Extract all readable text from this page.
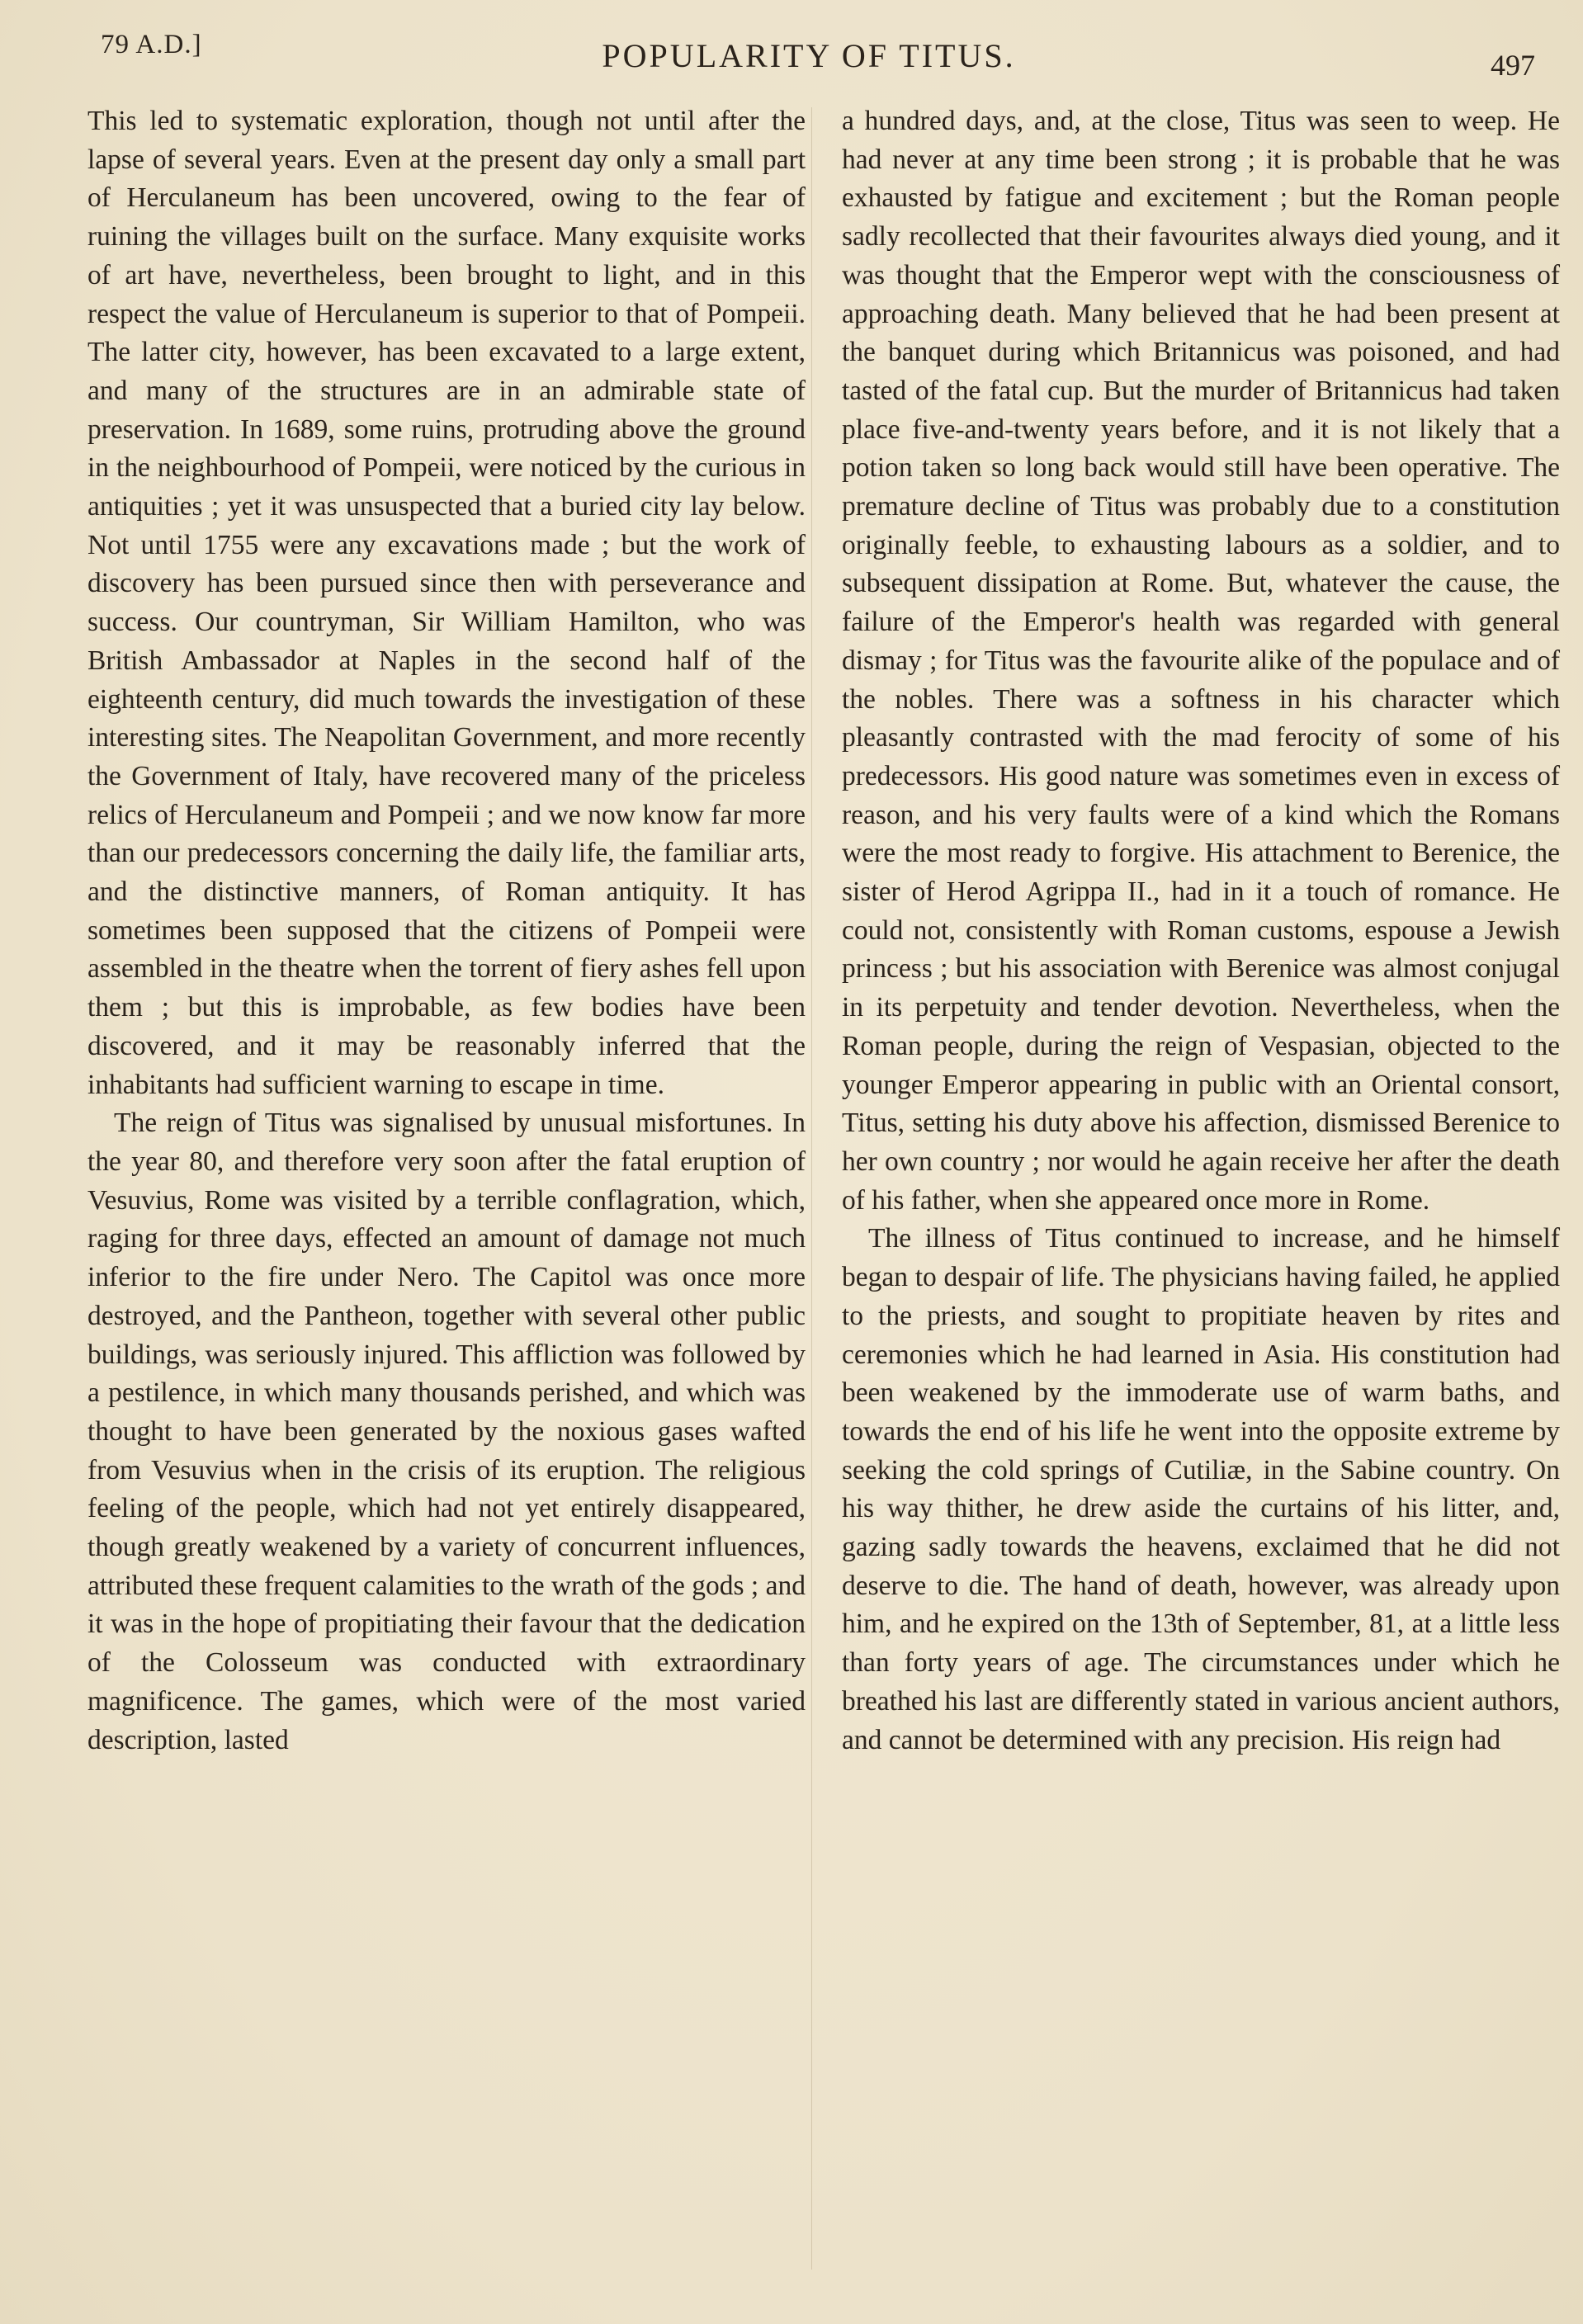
79 A.D.]	POPULARITY OF TITUS.	497

This led to systematic exploration, though not until after the lapse of several years. Even at the present day only a small part of Herculaneum has been uncovered, owing to the fear of ruining the villages built on the surface. Many exquisite works of art have, nevertheless, been brought to light, and in this respect the value of Herculaneum is superior to that of Pompeii. The latter city, however, has been excavated to a large extent, and many of the structures are in an admirable state of preservation. In 1689, some ruins, protruding above the ground in the neighbourhood of Pompeii, were noticed by the curious in antiquities ; yet it was unsuspected that a buried city lay below. Not until 1755 were any excavations made ; but the work of discovery has been pursued since then with perseverance and success. Our countryman, Sir William Hamilton, who was British Ambassador at Naples in the second half of the eighteenth century, did much towards the investigation of these interesting sites. The Neapolitan Government, and more recently the Government of Italy, have recovered many of the priceless relics of Herculaneum and Pompeii ; and we now know far more than our predecessors concerning the daily life, the familiar arts, and the distinctive manners, of Roman antiquity. It has sometimes been supposed that the citizens of Pompeii were assembled in the theatre when the torrent of fiery ashes fell upon them ; but this is improbable, as few bodies have been discovered, and it may be reasonably inferred that the inhabitants had sufficient warning to escape in time.

The reign of Titus was signalised by unusual misfortunes. In the year 80, and therefore very soon after the fatal eruption of Vesuvius, Rome was visited by a terrible conflagration, which, raging for three days, effected an amount of damage not much inferior to the fire under Nero. The Capitol was once more destroyed, and the Pantheon, together with several other public buildings, was seriously injured. This affliction was followed by a pestilence, in which many thousands perished, and which was thought to have been generated by the noxious gases wafted from Vesuvius when in the crisis of its eruption. The religious feeling of the people, which had not yet entirely disappeared, though greatly weakened by a variety of concurrent influences, attributed these frequent calamities to the wrath of the gods ; and it was in the hope of propitiating their favour that the dedication of the Colosseum was conducted with extraordinary magnificence. The games, which were of the most varied description, lasted

a hundred days, and, at the close, Titus was seen to weep. He had never at any time been strong ; it is probable that he was exhausted by fatigue and excitement ; but the Roman people sadly recollected that their favourites always died young, and it was thought that the Emperor wept with the consciousness of approaching death. Many believed that he had been present at the banquet during which Britannicus was poisoned, and had tasted of the fatal cup. But the murder of Britannicus had taken place five-and-twenty years before, and it is not likely that a potion taken so long back would still have been operative. The premature decline of Titus was probably due to a constitution originally feeble, to exhausting labours as a soldier, and to subsequent dissipation at Rome. But, whatever the cause, the failure of the Emperor's health was regarded with general dismay ; for Titus was the favourite alike of the populace and of the nobles. There was a softness in his character which pleasantly contrasted with the mad ferocity of some of his predecessors. His good nature was sometimes even in excess of reason, and his very faults were of a kind which the Romans were the most ready to forgive. His attachment to Berenice, the sister of Herod Agrippa II., had in it a touch of romance. He could not, consistently with Roman customs, espouse a Jewish princess ; but his association with Berenice was almost conjugal in its perpetuity and tender devotion. Nevertheless, when the Roman people, during the reign of Vespasian, objected to the younger Emperor appearing in public with an Oriental consort, Titus, setting his duty above his affection, dismissed Berenice to her own country ; nor would he again receive her after the death of his father, when she appeared once more in Rome.

The illness of Titus continued to increase, and he himself began to despair of life. The physicians having failed, he applied to the priests, and sought to propitiate heaven by rites and ceremonies which he had learned in Asia. His constitution had been weakened by the immoderate use of warm baths, and towards the end of his life he went into the opposite extreme by seeking the cold springs of Cutiliæ, in the Sabine country. On his way thither, he drew aside the curtains of his litter, and, gazing sadly towards the heavens, exclaimed that he did not deserve to die. The hand of death, however, was already upon him, and he expired on the 13th of September, 81, at a little less than forty years of age. The circumstances under which he breathed his last are differently stated in various ancient authors, and cannot be determined with any precision. His reign had
